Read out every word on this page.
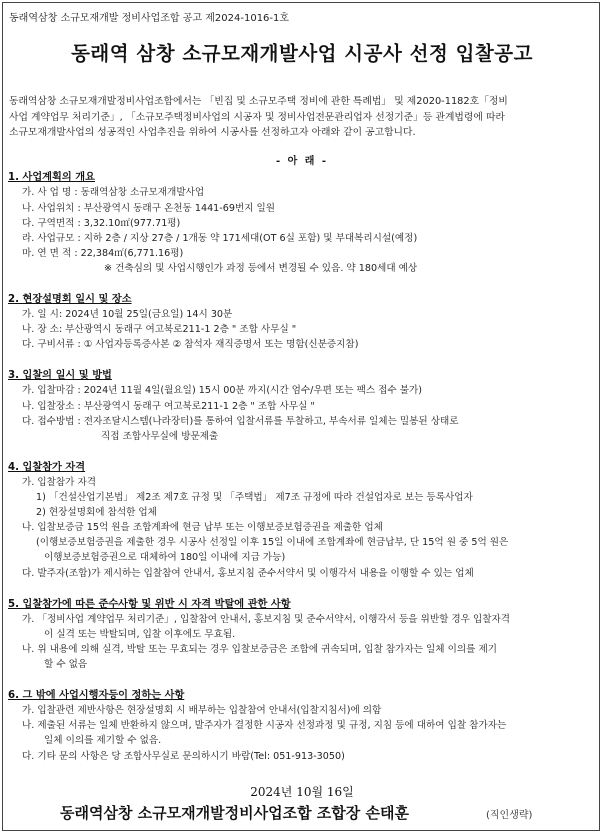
동래역삼창 소규모재개발 정비사업조합 공고 제2024-1016-1호
동래역 삼창 소규모재개발사업 시공사 선정 입찰공고
동래역삼창 소규모재개발정비사업조합에서는 「빈집 및 소규모주택 정비에 관한 특례법」 및 제2020-1182호「정비
사업 계약업무 처리기준」, 「소규모주택정비사업의 시공자 및 정비사업전문관리업자 선정기준」등 관계법령에 따라
소규모재개발사업의 성공적인 사업추진을 위하여 시공사를 선정하고자 아래와 같이 공고합니다.
- 아 래 -
1. 사업계획의 개요
가. 사 업 명 : 동래역삼창 소규모재개발사업
나. 사업위치 : 부산광역시 동래구 온천동 1441-69번지 일원
다. 구역면적 : 3,32.10㎡(977.71평)
라. 사업규모 : 지하 2층 / 지상 27층 / 1개동 약 171세대(OT 6실 포함) 및 부대복리시설(예정)
마. 연 면 적 : 22,384㎡(6,771.16평)
※ 건축심의 및 사업시행인가 과정 등에서 변경될 수 있음. 약 180세대 예상
2. 현장설명회 일시 및 장소
가. 일 시: 2024년 10월 25일(금요일) 14시 30분
나. 장 소: 부산광역시 동래구 여고북로211-1 2층 " 조합 사무실 "
다. 구비서류 : ① 사업자등록증사본 ② 참석자 재직증명서 또는 명함(신분증지참)
3. 입찰의 일시 및 방법
가. 입찰마감 : 2024년 11월 4일(월요일) 15시 00분 까지(시간 엄수/우편 또는 팩스 접수 불가)
나. 입찰장소 : 부산광역시 동래구 여고북로211-1 2층 " 조합 사무실 "
다. 접수방법 : 전자조달시스템(나라장터)를 통하여 입찰서류를 투찰하고, 부속서류 일체는 밀봉된 상태로
직접 조합사무실에 방문제출
4. 입찰참가 자격
가. 입찰참가 자격
1) 「건설산업기본법」 제2조 제7호 규정 및 「주택법」 제7조 규정에 따라 건설업자로 보는 등록사업자
2) 현장설명회에 참석한 업체
나. 입찰보증금 15억 원을 조합계좌에 현금 납부 또는 이행보증보험증권을 제출한 업체
(이행보증보험증권을 제출한 경우 시공사 선정일 이후 15일 이내에 조합계좌에 현금납부, 단 15억 원 중 5억 원은
이행보증보험증권으로 대체하여 180일 이내에 지급 가능)
다. 발주자(조합)가 제시하는 입찰참여 안내서, 홍보지침 준수서약서 및 이행각서 내용을 이행할 수 있는 업체
5. 입찰참가에 따른 준수사항 및 위반 시 자격 박탈에 관한 사항
가. 「정비사업 계약업무 처리기준」, 입찰참여 안내서, 홍보지침 및 준수서약서, 이행각서 등을 위반할 경우 입찰자격
이 실격 또는 박탈되며, 입찰 이후에도 무효됨.
나. 위 내용에 의해 실격, 박탈 또는 무효되는 경우 입찰보증금은 조합에 귀속되며, 입찰 참가자는 일체 이의를 제기
할 수 없음
6. 그 밖에 사업시행자등이 정하는 사항
가. 입찰관련 제반사항은 현장설명회 시 배부하는 입찰참여 안내서(입찰지침서)에 의함
나. 제출된 서류는 일체 반환하지 않으며, 발주자가 결정한 시공자 선정과정 및 규정, 지침 등에 대하여 입찰 참가자는
일체 이의를 제기할 수 없음.
다. 기타 문의 사항은 당 조합사무실로 문의하시기 바람(Tel: 051-913-3050)
2024년 10월 16일
동래역삼창 소규모재개발정비사업조합 조합장 손태훈	(직인생략)
